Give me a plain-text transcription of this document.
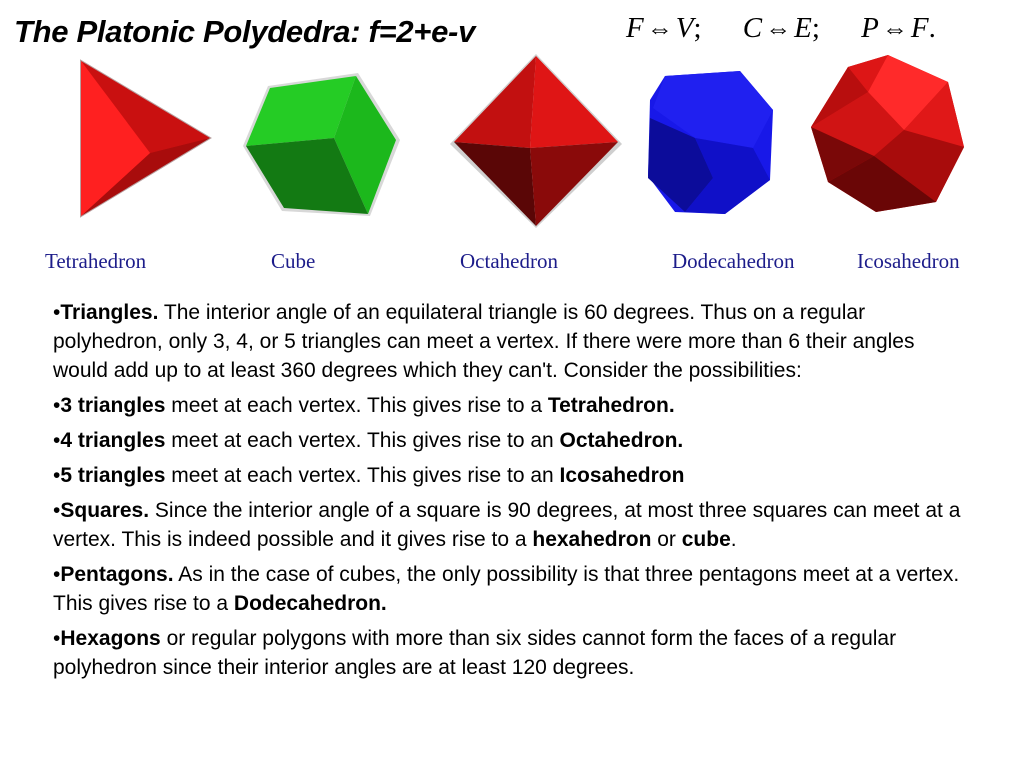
The Platonic Polydedra: f=2+e-v	F ⇔ V; C ⇔ E; P ⇔ F.
Tetrahedron	Cube	Octahedron	Dodecahedron	Icosahedron

•Triangles. The interior angle of an equilateral triangle is 60 degrees. Thus on a regular polyhedron, only 3, 4, or 5 triangles can meet a vertex. If there were more than 6 their angles would add up to at least 360 degrees which they can't. Consider the possibilities:

•3 triangles meet at each vertex. This gives rise to a Tetrahedron.

•4 triangles meet at each vertex. This gives rise to an Octahedron.

•5 triangles meet at each vertex. This gives rise to an Icosahedron

•Squares. Since the interior angle of a square is 90 degrees, at most three squares can meet at a vertex. This is indeed possible and it gives rise to a hexahedron or cube.

•Pentagons. As in the case of cubes, the only possibility is that three pentagons meet at a vertex. This gives rise to a Dodecahedron.

•Hexagons or regular polygons with more than six sides cannot form the faces of a regular polyhedron since their interior angles are at least 120 degrees.
